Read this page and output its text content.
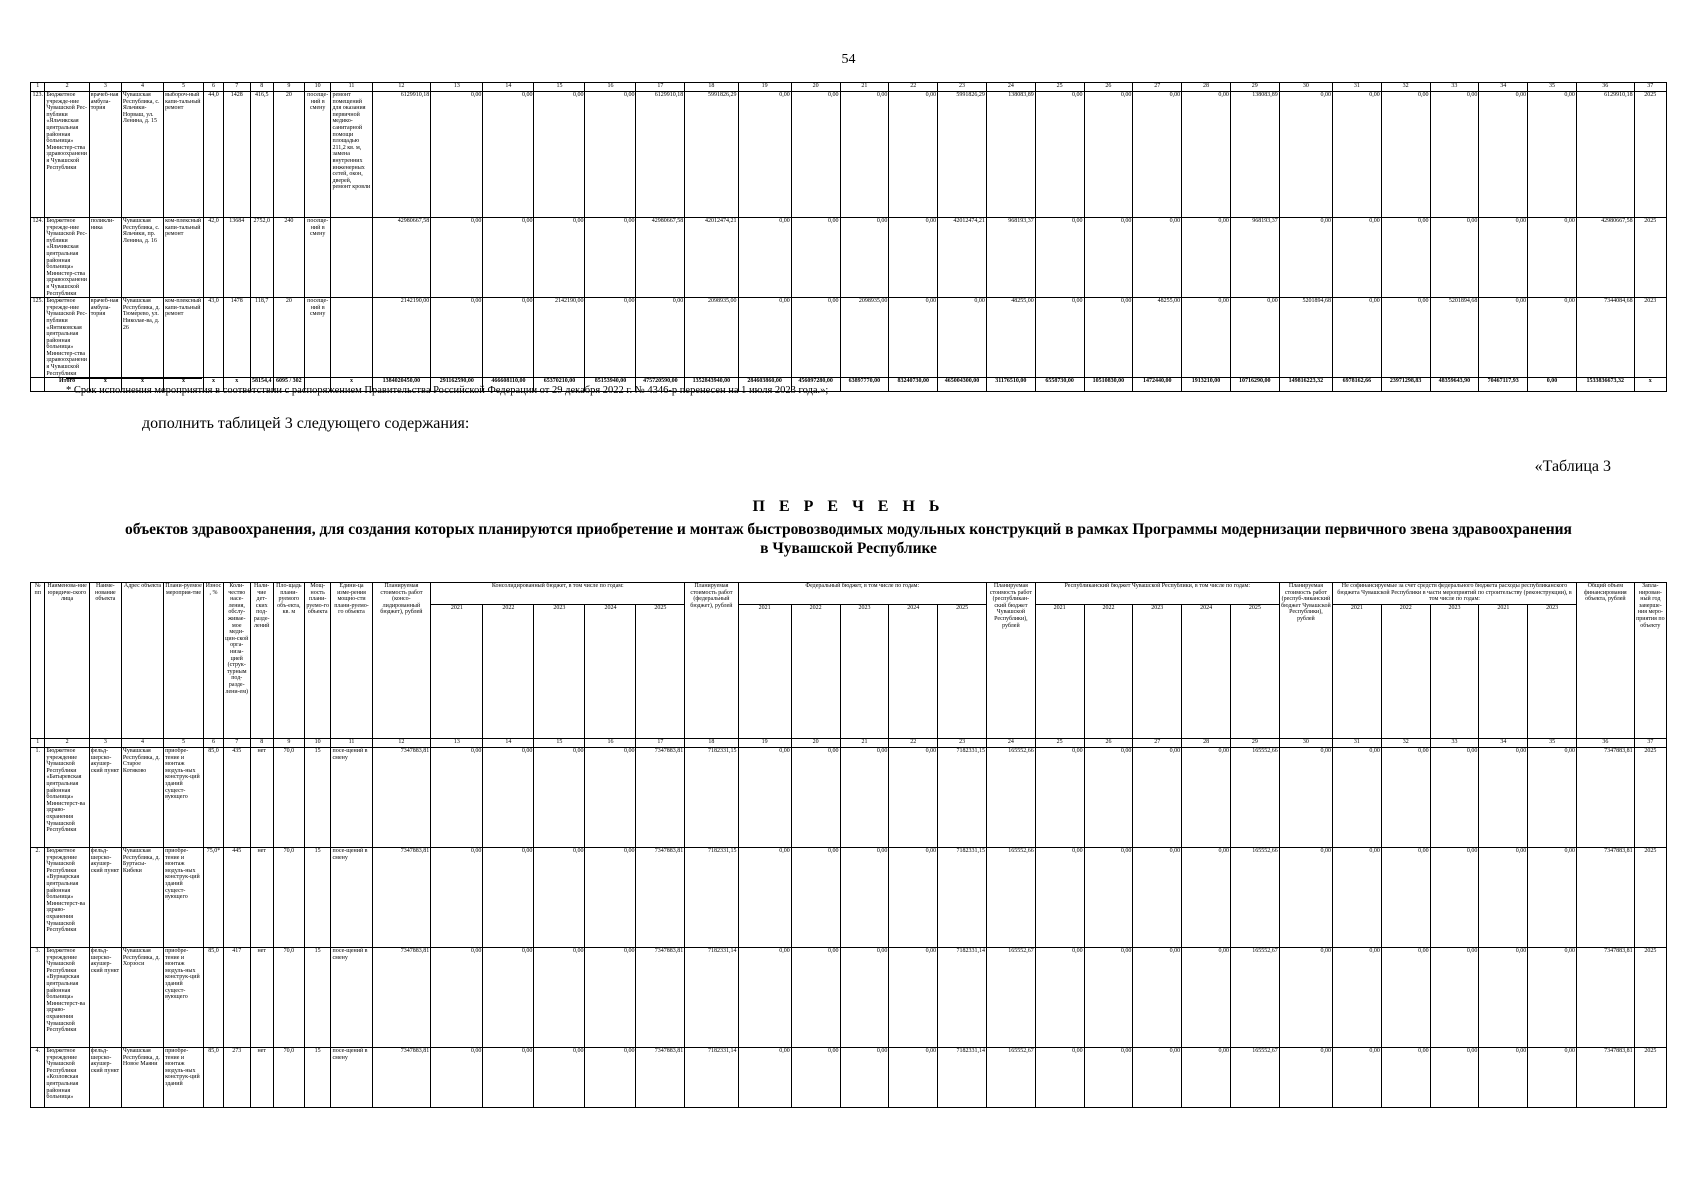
54
1	2	3	4	5	6	7	8	9	10	11	12	13	14	15	16	17	18	19	20	21	22	23	24	25	26	27	28	29	30	31	32	33	34	35	36	37
123.	Бюджетное учрежде-ние Чувашской Рес-публики «Яльчикская центральная районная больница» Министер-ства здравоохранения Чувашской Республики	врачеб-ная амбула-тория	Чувашская Республика, с. Яльчики-Норваш, ул. Ленина, д. 15	выбороч-ный капи-тальный ремонт	44,0	1428	416,5	20	посеще-ний в смену	ремонт помещений для оказания первичной медико-санитарной помощи площадью 211,2 кв. м, замена внутренних инженерных сетей, окон, дверей, ремонт кровли	6129910,18	0,00	0,00	0,00	0,00	6129910,18	5991826,29	0,00	0,00	0,00	0,00	5991826,29	138083,89	0,00	0,00	0,00	0,00	138083,89	0,00	0,00	0,00	0,00	0,00	0,00	6129910,18	2025
124.	Бюджетное учрежде-ние Чувашской Рес-публики «Яльчикская центральная районная больница» Министер-ства здравоохранения Чувашской Республики	поликли-ника	Чувашская Республика, с. Яльчики, пр. Ленина, д. 16	ком-плексный капи-тальный ремонт	42,0	13684	2752,0	240	посеще-ний в смену		42980667,58	0,00	0,00	0,00	0,00	42980667,58	42012474,21	0,00	0,00	0,00	0,00	42012474,21	968193,37	0,00	0,00	0,00	0,00	968193,37	0,00	0,00	0,00	0,00	0,00	0,00	42980667,58	2025
125.	Бюджетное учрежде-ние Чувашской Рес-публики «Янтиковская центральная районная больница» Министер-ства здравоохранения Чувашской Республики	врачеб-ная амбула-тория	Чувашская Республика, д. Тюмерево, ул. Николае-ва, д. 26	ком-плексный капи-тальный ремонт	43,0	1478	118,7	20	посеще-ний в смену		2142190,00	0,00	0,00	2142190,00	0,00	0,00	2098935,00	0,00	0,00	2098935,00	0,00	0,00	48255,00	0,00	0,00	48255,00	0,00	0,00	5201894,68	0,00	0,00	5201894,68	0,00	0,00	7344084,68	2023
	Итого	x	x	x	x	x	58154,4	6095 / 302		x	1384020450,00	291162590,00	466608110,00	65370210,00	85153940,00	475720590,00	1352843940,00	284603860,00	456097280,00	63897770,00	83240730,00	465004300,00	31176510,00	6558730,00	10510830,00	1472440,00	1913210,00	10716290,00	149816223,32	6978162,66	23971298,83	48359643,90	70467117,93	0,00	1533836673,32	x
* Срок исполнения мероприятия в соответствии с распоряжением Правительства Российской Федерации от 29 декабря 2022 г. № 4346-р перенесен на 1 июля 2023 года.»;
дополнить таблицей 3 следующего содержания:
«Таблица 3
П Е Р Е Ч Е Н Ь
объектов здравоохранения, для создания которых планируются приобретение и монтаж быстровозводимых модульных конструкций в рамках Программы модернизации первичного звена здравоохранения в Чувашской Республике
№ пп	Наименова-ние юридиче-ского лица	Наиме-нование объекта	Адрес объекта	Плани-руемое мероприя-тие	Износ, %	Коли-чество насе-ления, обслу-живае-мое меди-цин-ской орга-низа-цией (струк-турным под-разде-лени-ем)	Нали-чие дет-ских под-разде-лений	Пло-щадь плани-руемого объ-екта, кв. м	Мощ-ность плани-руемо-го объекта	Едини-ца изме-рения мощно-сти плани-руемо-го объекта	Планируемая стоимость работ (консо-лидированный бюджет), рублей	Консолидированный бюджет, в том числе по годам:					Планируемая стоимость работ (федеральный бюджет), рублей	Федеральный бюджет, в том числе по годам:					Планируемая стоимость работ (республикан-ский бюджет Чувашской Республики), рублей	Республиканский бюджет Чувашской Республики, в том числе по годам:					Планируемая стоимость работ (респуб-ликанский бюджет Чувашской Республики), рублей	Не софинансируемые за счет средств федерального бюджета расходы республиканского бюджета Чувашской Республики в части мероприятий по строительству (реконструкции), в том числе по годам:					Общий объем финансирования объекта, рублей	Запла-нирован-ный год заверше-ния меро-приятия по объекту
												2021	2022	2023	2024	2025		2021	2022	2023	2024	2025		2021	2022	2023	2024	2025		2021	2022	2023	2021	2023		
1	2	3	4	5	6	7	8	9	10	11	12	13	14	15	16	17	18	19	20	21	22	23	24	25	26	27	28	29	30	31	32	33	34	35	36	37
1.	Бюджетное учреждение Чувашской Республики «Батыревская центральная районная больница» Министерст-ва здраво-охранения Чувашской Республики	фельд-шерско-акушер-ский пункт	Чувашская Республика, д. Старое Котяково	приобре-тение и монтаж модуль-ных конструк-ций зданий сущест-вующего	85,0	435	нет	70,0	15	посе-щений в смену	7347883,81	0,00	0,00	0,00	0,00	7347883,81	7182331,15	0,00	0,00	0,00	0,00	7182331,15	165552,66	0,00	0,00	0,00	0,00	165552,66	0,00	0,00	0,00	0,00	0,00	0,00	7347883,81	2025
2.	Бюджетное учреждение Чувашской Республики «Вурнарская центральная районная больница» Министерст-ва здраво-охранения Чувашской Республики	фельд-шерско-акушер-ский пункт	Чувашская Республика, д. Буртасы-Кибеки	приобре-тение и монтаж модуль-ных конструк-ций зданий сущест-вующего	75,0*	445	нет	70,0	15	посе-щений в смену	7347883,81	0,00	0,00	0,00	0,00	7347883,81	7182331,15	0,00	0,00	0,00	0,00	7182331,15	165552,66	0,00	0,00	0,00	0,00	165552,66	0,00	0,00	0,00	0,00	0,00	0,00	7347883,81	2025
3.	Бюджетное учреждение Чувашской Республики «Вурнарская центральная районная больница» Министерст-ва здраво-охранения Чувашской Республики	фельд-шерско-акушер-ский пункт	Чувашская Республика, д. Хорзоси	приобре-тение и монтаж модуль-ных конструк-ций зданий сущест-вующего	85,0	417	нет	70,0	15	посе-щений в смену	7347883,81	0,00	0,00	0,00	0,00	7347883,81	7182331,14	0,00	0,00	0,00	0,00	7182331,14	165552,67	0,00	0,00	0,00	0,00	165552,67	0,00	0,00	0,00	0,00	0,00	0,00	7347883,81	2025
4.	Бюджетное учреждение Чувашской Республики «Козловская центральная районная больница»	фельд-шерско-акушер-ский пункт	Чувашская Республика, д. Новое Маяни	приобре-тение и монтаж модуль-ных конструк-ций зданий	85,0	273	нет	70,0	15	посе-щений в смену	7347883,81	0,00	0,00	0,00	0,00	7347883,81	7182331,14	0,00	0,00	0,00	0,00	7182331,14	165552,67	0,00	0,00	0,00	0,00	165552,67	0,00	0,00	0,00	0,00	0,00	0,00	7347883,81	2025
